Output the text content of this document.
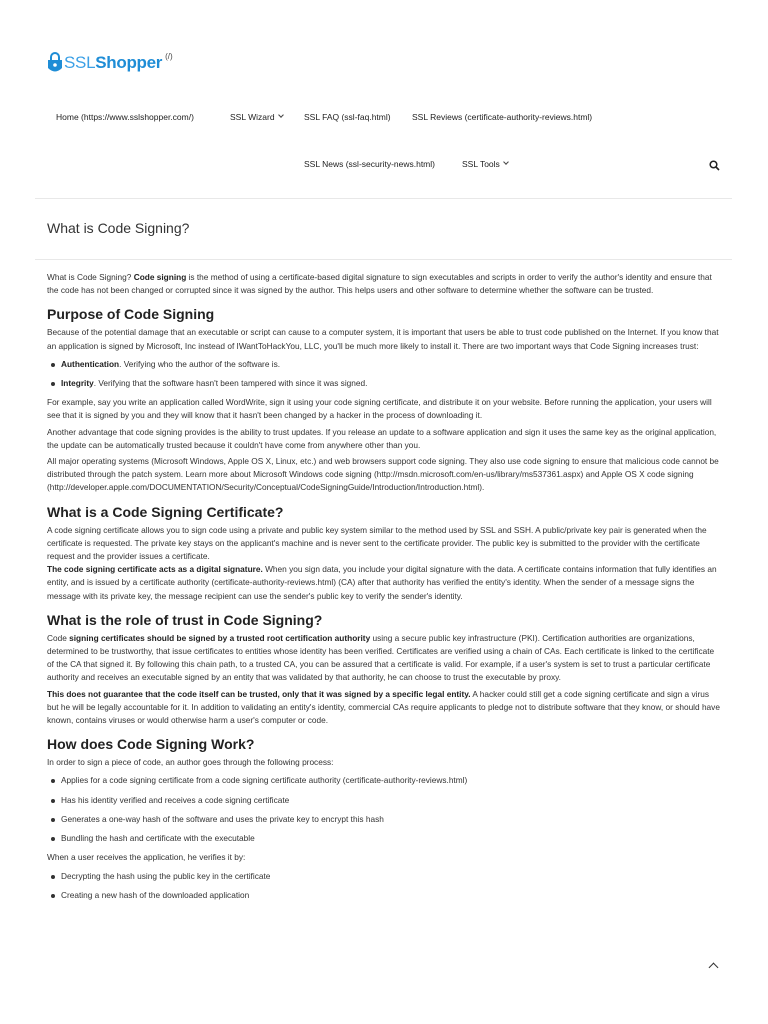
SSLShopper (/)
Home (https://www.sslshopper.com/)	SSL Wizard	SSL FAQ (ssl-faq.html)	SSL Reviews (certificate-authority-reviews.html)
SSL News (ssl-security-news.html)	SSL Tools
What is Code Signing?

What is Code Signing? Code signing is the method of using a certificate-based digital signature to sign executables and scripts in order to verify the author's identity and ensure that the code has not been changed or corrupted since it was signed by the author. This helps users and other software to determine whether the software can be trusted.

Purpose of Code Signing

Because of the potential damage that an executable or script can cause to a computer system, it is important that users be able to trust code published on the Internet. If you know that an application is signed by Microsoft, Inc instead of IWantToHackYou, LLC, you'll be much more likely to install it. There are two important ways that Code Signing increases trust:

Authentication. Verifying who the author of the software is.
Integrity. Verifying that the software hasn't been tampered with since it was signed.

For example, say you write an application called WordWrite, sign it using your code signing certificate, and distribute it on your website. Before running the application, your users will see that it is signed by you and they will know that it hasn't been changed by a hacker in the process of downloading it.

Another advantage that code signing provides is the ability to trust updates. If you release an update to a software application and sign it uses the same key as the original application, the update can be automatically trusted because it couldn't have come from anywhere other than you.

All major operating systems (Microsoft Windows, Apple OS X, Linux, etc.) and web browsers support code signing. They also use code signing to ensure that malicious code cannot be distributed through the patch system. Learn more about Microsoft Windows code signing (http://msdn.microsoft.com/en-us/library/ms537361.aspx) and Apple OS X code signing (http://developer.apple.com/DOCUMENTATION/Security/Conceptual/CodeSigningGuide/Introduction/Introduction.html).

What is a Code Signing Certificate?

A code signing certificate allows you to sign code using a private and public key system similar to the method used by SSL and SSH. A public/private key pair is generated when the certificate is requested. The private key stays on the applicant's machine and is never sent to the certificate provider. The public key is submitted to the provider with the certificate request and the provider issues a certificate.

The code signing certificate acts as a digital signature. When you sign data, you include your digital signature with the data. A certificate contains information that fully identifies an entity, and is issued by a certificate authority (certificate-authority-reviews.html) (CA) after that authority has verified the entity's identity. When the sender of a message signs the message with its private key, the message recipient can use the sender's public key to verify the sender's identity.

What is the role of trust in Code Signing?

Code signing certificates should be signed by a trusted root certification authority using a secure public key infrastructure (PKI). Certification authorities are organizations, determined to be trustworthy, that issue certificates to entities whose identity has been verified. Certificates are verified using a chain of CAs. Each certificate is linked to the certificate of the CA that signed it. By following this chain path, to a trusted CA, you can be assured that a certificate is valid. For example, if a user's system is set to trust a particular certificate authority and receives an executable signed by an entity that was validated by that authority, he can choose to trust the executable by proxy.

This does not guarantee that the code itself can be trusted, only that it was signed by a specific legal entity. A hacker could still get a code signing certificate and sign a virus but he will be legally accountable for it. In addition to validating an entity's identity, commercial CAs require applicants to pledge not to distribute software that they know, or should have known, contains viruses or would otherwise harm a user's computer or code.

How does Code Signing Work?

In order to sign a piece of code, an author goes through the following process:

Applies for a code signing certificate from a code signing certificate authority (certificate-authority-reviews.html)
Has his identity verified and receives a code signing certificate
Generates a one-way hash of the software and uses the private key to encrypt this hash
Bundling the hash and certificate with the executable

When a user receives the application, he verifies it by:

Decrypting the hash using the public key in the certificate
Creating a new hash of the downloaded application
